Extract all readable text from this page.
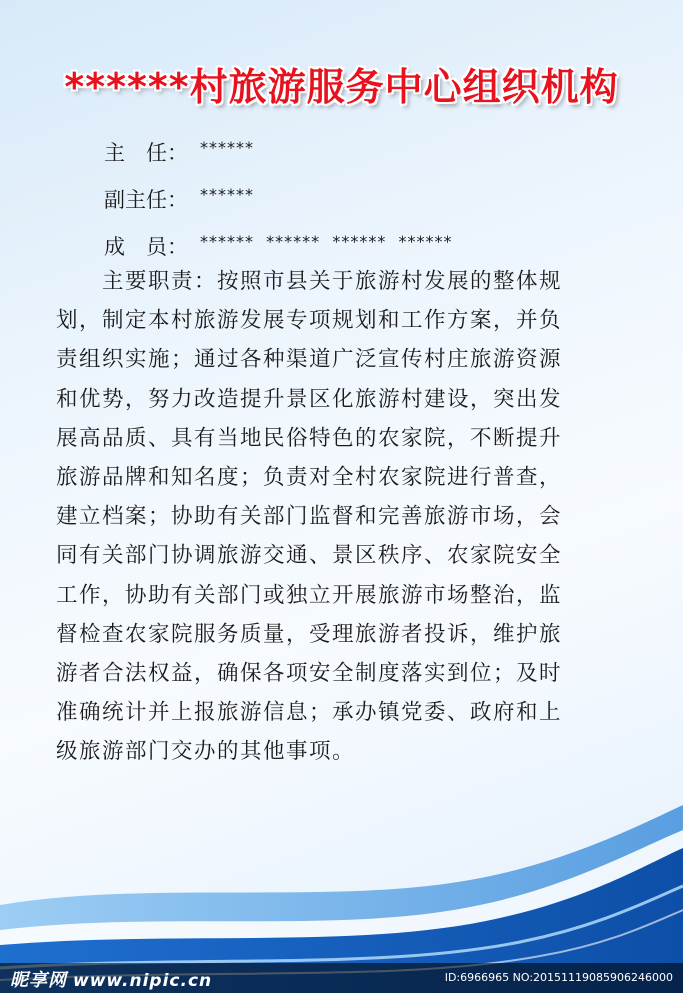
******村旅游服务中心组织机构
主　任： ******
副主任： ******
成　员： ******  ******  ******  ******
主要职责：按照市县关于旅游村发展的整体规
划，制定本村旅游发展专项规划和工作方案，并负
责组织实施；通过各种渠道广泛宣传村庄旅游资源
和优势，努力改造提升景区化旅游村建设，突出发
展高品质、具有当地民俗特色的农家院，不断提升
旅游品牌和知名度；负责对全村农家院进行普查，
建立档案；协助有关部门监督和完善旅游市场，会
同有关部门协调旅游交通、景区秩序、农家院安全
工作，协助有关部门或独立开展旅游市场整治，监
督检查农家院服务质量，受理旅游者投诉，维护旅
游者合法权益，确保各项安全制度落实到位；及时
准确统计并上报旅游信息；承办镇党委、政府和上
级旅游部门交办的其他事项。
昵享网 www.nipic.cn	ID:6966965 NO:20151119085906246000
